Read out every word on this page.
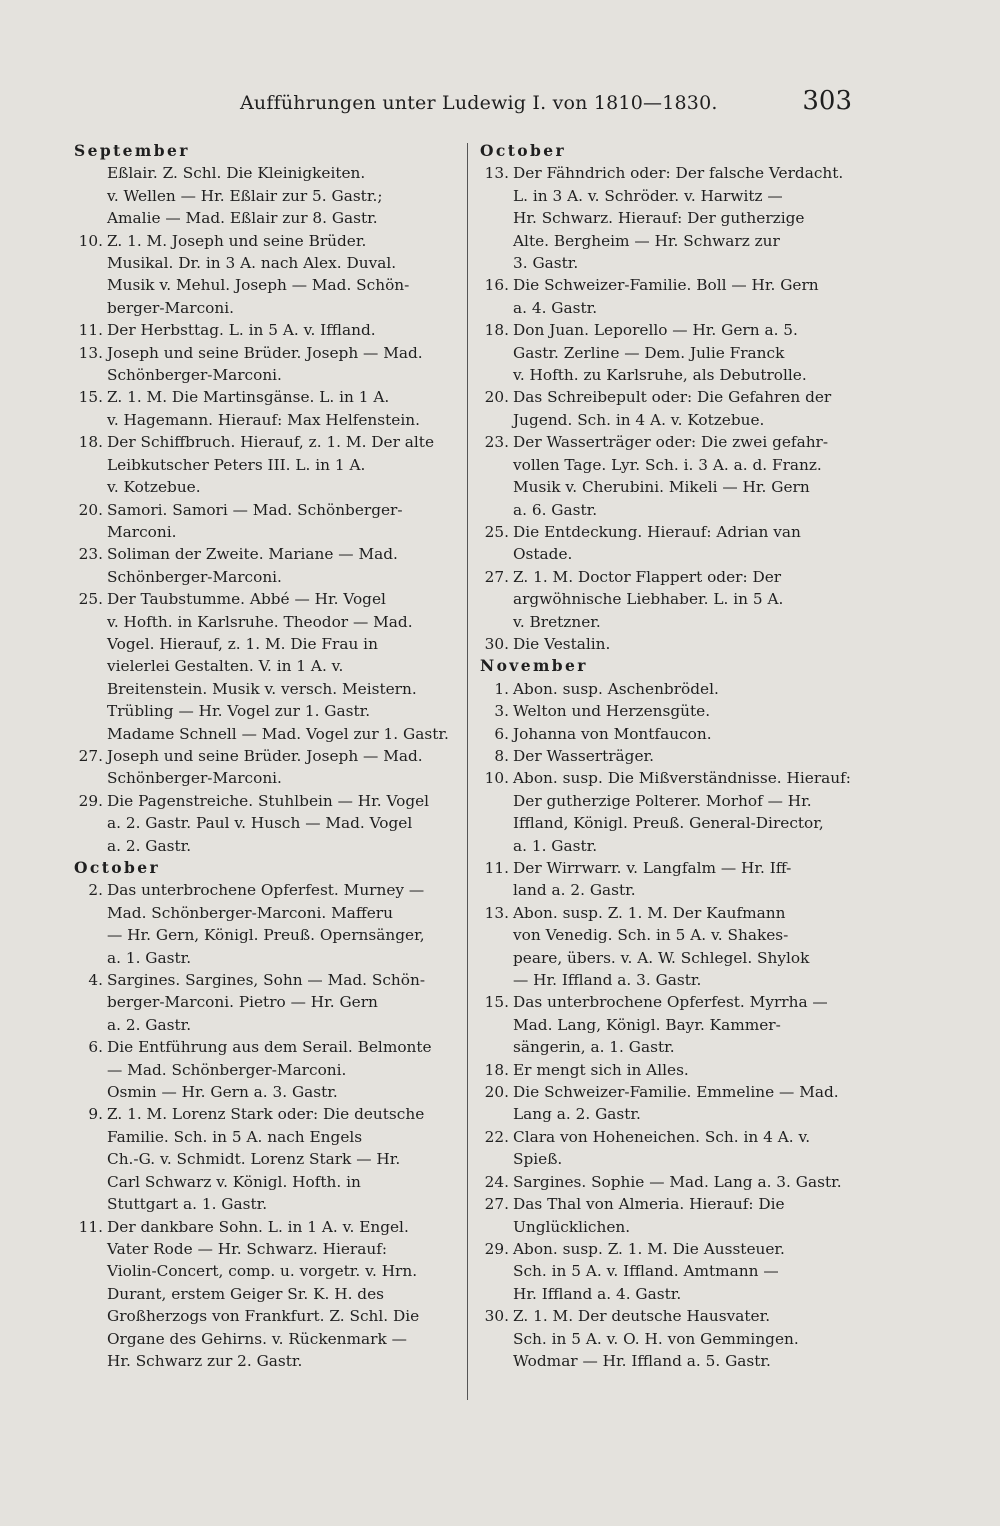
Aufführungen unter Ludewig I. von 1810—1830.	303
September
Eßlair. Z. Schl. Die Kleinigkeiten.
v. Wellen — Hr. Eßlair zur 5. Gastr.;
Amalie — Mad. Eßlair zur 8. Gastr.
10. Z. 1. M. Joseph und seine Brüder.
Musikal. Dr. in 3 A. nach Alex. Duval.
Musik v. Mehul. Joseph — Mad. Schön-
berger-Marconi.
11. Der Herbsttag. L. in 5 A. v. Iffland.
13. Joseph und seine Brüder. Joseph — Mad.
Schönberger-Marconi.
15. Z. 1. M. Die Martinsgänse. L. in 1 A.
v. Hagemann. Hierauf: Max Helfenstein.
18. Der Schiffbruch. Hierauf, z. 1. M. Der alte
Leibkutscher Peters III. L. in 1 A.
v. Kotzebue.
20. Samori. Samori — Mad. Schönberger-
Marconi.
23. Soliman der Zweite. Mariane — Mad.
Schönberger-Marconi.
25. Der Taubstumme. Abbé — Hr. Vogel
v. Hofth. in Karlsruhe. Theodor — Mad.
Vogel. Hierauf, z. 1. M. Die Frau in
vielerlei Gestalten. V. in 1 A. v.
Breitenstein. Musik v. versch. Meistern.
Trübling — Hr. Vogel zur 1. Gastr.
Madame Schnell — Mad. Vogel zur 1. Gastr.
27. Joseph und seine Brüder. Joseph — Mad.
Schönberger-Marconi.
29. Die Pagenstreiche. Stuhlbein — Hr. Vogel
a. 2. Gastr. Paul v. Husch — Mad. Vogel
a. 2. Gastr.
October
2. Das unterbrochene Opferfest. Murney —
Mad. Schönberger-Marconi. Mafferu
— Hr. Gern, Königl. Preuß. Opernsänger,
a. 1. Gastr.
4. Sargines. Sargines, Sohn — Mad. Schön-
berger-Marconi. Pietro — Hr. Gern
a. 2. Gastr.
6. Die Entführung aus dem Serail. Belmonte
— Mad. Schönberger-Marconi.
Osmin — Hr. Gern a. 3. Gastr.
9. Z. 1. M. Lorenz Stark oder: Die deutsche
Familie. Sch. in 5 A. nach Engels
Ch.-G. v. Schmidt. Lorenz Stark — Hr.
Carl Schwarz v. Königl. Hofth. in
Stuttgart a. 1. Gastr.
11. Der dankbare Sohn. L. in 1 A. v. Engel.
Vater Rode — Hr. Schwarz. Hierauf:
Violin-Concert, comp. u. vorgetr. v. Hrn.
Durant, erstem Geiger Sr. K. H. des
Großherzogs von Frankfurt. Z. Schl. Die
Organe des Gehirns. v. Rückenmark —
Hr. Schwarz zur 2. Gastr.
October
13. Der Fähndrich oder: Der falsche Verdacht.
L. in 3 A. v. Schröder. v. Harwitz —
Hr. Schwarz. Hierauf: Der gutherzige
Alte. Bergheim — Hr. Schwarz zur
3. Gastr.
16. Die Schweizer-Familie. Boll — Hr. Gern
a. 4. Gastr.
18. Don Juan. Leporello — Hr. Gern a. 5.
Gastr. Zerline — Dem. Julie Franck
v. Hofth. zu Karlsruhe, als Debutrolle.
20. Das Schreibepult oder: Die Gefahren der
Jugend. Sch. in 4 A. v. Kotzebue.
23. Der Wasserträger oder: Die zwei gefahr-
vollen Tage. Lyr. Sch. i. 3 A. a. d. Franz.
Musik v. Cherubini. Mikeli — Hr. Gern
a. 6. Gastr.
25. Die Entdeckung. Hierauf: Adrian van
Ostade.
27. Z. 1. M. Doctor Flappert oder: Der
argwöhnische Liebhaber. L. in 5 A.
v. Bretzner.
30. Die Vestalin.
November
1. Abon. susp. Aschenbrödel.
3. Welton und Herzensgüte.
6. Johanna von Montfaucon.
8. Der Wasserträger.
10. Abon. susp. Die Mißverständnisse. Hierauf:
Der gutherzige Polterer. Morhof — Hr.
Iffland, Königl. Preuß. General-Director,
a. 1. Gastr.
11. Der Wirrwarr. v. Langfalm — Hr. Iff-
land a. 2. Gastr.
13. Abon. susp. Z. 1. M. Der Kaufmann
von Venedig. Sch. in 5 A. v. Shakes-
peare, übers. v. A. W. Schlegel. Shylok
— Hr. Iffland a. 3. Gastr.
15. Das unterbrochene Opferfest. Myrrha —
Mad. Lang, Königl. Bayr. Kammer-
sängerin, a. 1. Gastr.
18. Er mengt sich in Alles.
20. Die Schweizer-Familie. Emmeline — Mad.
Lang a. 2. Gastr.
22. Clara von Hoheneichen. Sch. in 4 A. v.
Spieß.
24. Sargines. Sophie — Mad. Lang a. 3. Gastr.
27. Das Thal von Almeria. Hierauf: Die
Unglücklichen.
29. Abon. susp. Z. 1. M. Die Aussteuer.
Sch. in 5 A. v. Iffland. Amtmann —
Hr. Iffland a. 4. Gastr.
30. Z. 1. M. Der deutsche Hausvater.
Sch. in 5 A. v. O. H. von Gemmingen.
Wodmar — Hr. Iffland a. 5. Gastr.
